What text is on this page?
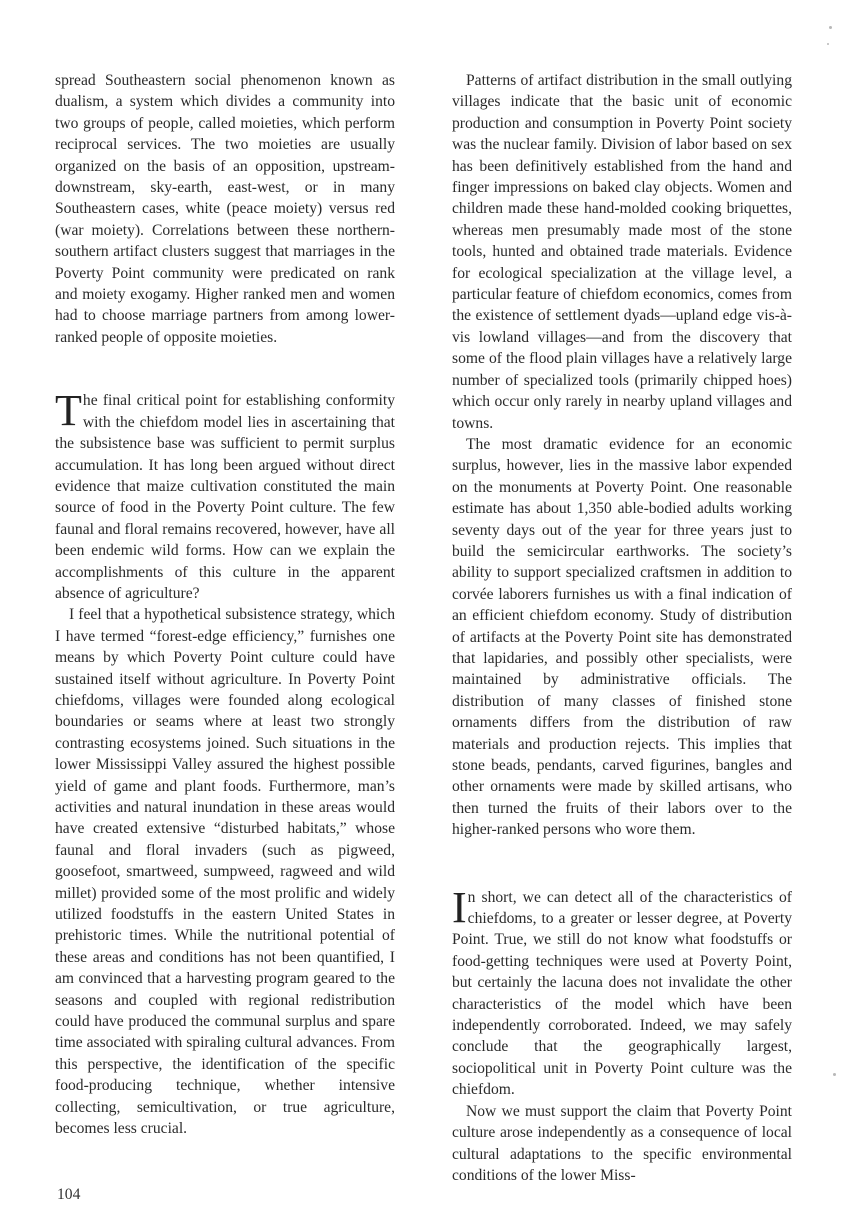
spread Southeastern social phenomenon known as dualism, a system which divides a community into two groups of people, called moieties, which perform reciprocal services. The two moieties are usually organized on the basis of an opposition, upstream-downstream, sky-earth, east-west, or in many Southeastern cases, white (peace moiety) versus red (war moiety). Correlations between these northern-southern artifact clusters suggest that marriages in the Poverty Point community were predicated on rank and moiety exogamy. Higher ranked men and women had to choose marriage partners from among lower-ranked people of opposite moieties.

The final critical point for establishing conformity with the chiefdom model lies in ascertaining that the subsistence base was sufficient to permit surplus accumulation. It has long been argued without direct evidence that maize cultivation constituted the main source of food in the Poverty Point culture. The few faunal and floral remains recovered, however, have all been endemic wild forms. How can we explain the accomplishments of this culture in the apparent absence of agriculture?

I feel that a hypothetical subsistence strategy, which I have termed “forest-edge efficiency,” furnishes one means by which Poverty Point culture could have sustained itself without agriculture. In Poverty Point chiefdoms, villages were founded along ecological boundaries or seams where at least two strongly contrasting ecosystems joined. Such situations in the lower Mississippi Valley assured the highest possible yield of game and plant foods. Furthermore, man’s activities and natural inundation in these areas would have created extensive “disturbed habitats,” whose faunal and floral invaders (such as pigweed, goosefoot, smartweed, sumpweed, ragweed and wild millet) provided some of the most prolific and widely utilized foodstuffs in the eastern United States in prehistoric times. While the nutritional potential of these areas and conditions has not been quantified, I am convinced that a harvesting program geared to the seasons and coupled with regional redistribution could have produced the communal surplus and spare time associated with spiraling cultural advances. From this perspective, the identification of the specific food-producing technique, whether intensive collecting, semicultivation, or true agriculture, becomes less crucial.

Patterns of artifact distribution in the small outlying villages indicate that the basic unit of economic production and consumption in Poverty Point society was the nuclear family. Division of labor based on sex has been definitively established from the hand and finger impressions on baked clay objects. Women and children made these hand-molded cooking briquettes, whereas men presumably made most of the stone tools, hunted and obtained trade materials. Evidence for ecological specialization at the village level, a particular feature of chiefdom economics, comes from the existence of settlement dyads—upland edge vis-à-vis lowland villages—and from the discovery that some of the flood plain villages have a relatively large number of specialized tools (primarily chipped hoes) which occur only rarely in nearby upland villages and towns.

The most dramatic evidence for an economic surplus, however, lies in the massive labor expended on the monuments at Poverty Point. One reasonable estimate has about 1,350 able-bodied adults working seventy days out of the year for three years just to build the semicircular earthworks. The society’s ability to support specialized craftsmen in addition to corvée laborers furnishes us with a final indication of an efficient chiefdom economy. Study of distribution of artifacts at the Poverty Point site has demonstrated that lapidaries, and possibly other specialists, were maintained by administrative officials. The distribution of many classes of finished stone ornaments differs from the distribution of raw materials and production rejects. This implies that stone beads, pendants, carved figurines, bangles and other ornaments were made by skilled artisans, who then turned the fruits of their labors over to the higher-ranked persons who wore them.

In short, we can detect all of the characteristics of chiefdoms, to a greater or lesser degree, at Poverty Point. True, we still do not know what foodstuffs or food-getting techniques were used at Poverty Point, but certainly the lacuna does not invalidate the other characteristics of the model which have been independently corroborated. Indeed, we may safely conclude that the geographically largest, sociopolitical unit in Poverty Point culture was the chiefdom.

Now we must support the claim that Poverty Point culture arose independently as a consequence of local cultural adaptations to the specific environmental conditions of the lower Miss-

104
